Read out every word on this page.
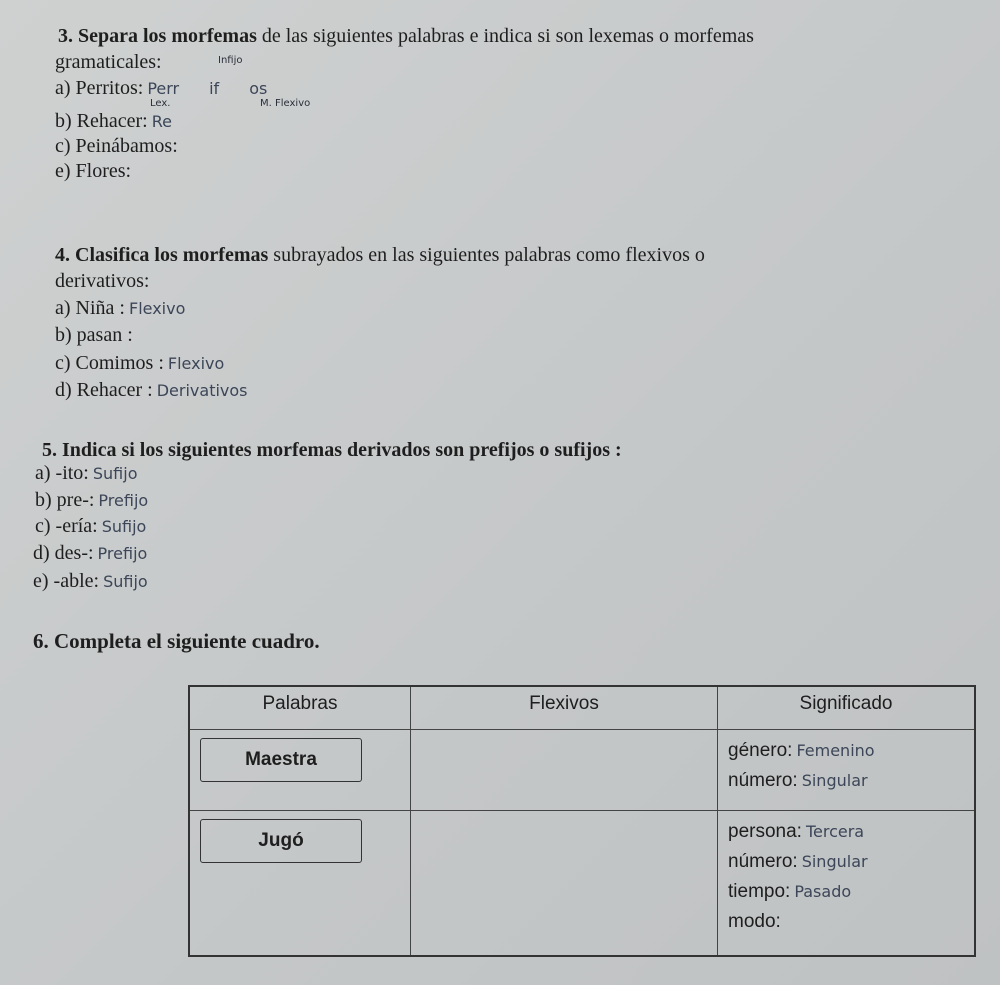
3. Separa los morfemas de las siguientes palabras e indica si son lexemas o morfemas
gramaticales:	Infijo
a) Perritos: Perr if os
Lex.	M. Flexivo
b) Rehacer: Re
c) Peinábamos:
e) Flores:
4. Clasifica los morfemas subrayados en las siguientes palabras como flexivos o
derivativos:
a) Niña : Flexivo
b) pasan :
c) Comimos : Flexivo
d) Rehacer : Derivativos
5. Indica si los siguientes morfemas derivados son prefijos o sufijos :
a) -ito: Sufijo
b) pre-: Prefijo
c) -ería: Sufijo
d) des-: Prefijo
e) -able: Sufijo
6. Completa el siguiente cuadro.
Palabras	Flexivos	Significado
Maestra		género: Femenino
número: Singular

Jugó		persona: Tercera
número: Singular
tiempo: Pasado
modo:
